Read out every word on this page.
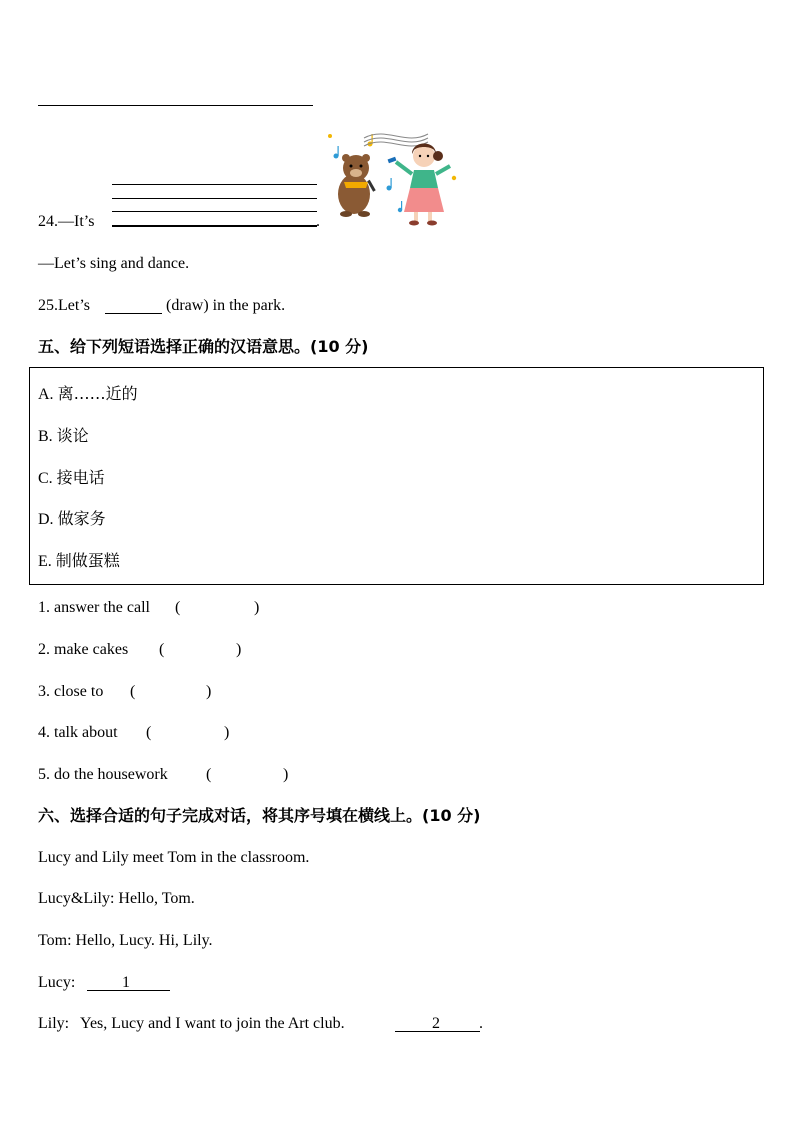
24.—It’s	.
—Let’s sing and dance.
25.Let’s	(draw) in the park.
五、给下列短语选择正确的汉语意思。(10 分)
A. 离……近的
B. 谈论
C. 接电话
D. 做家务
E. 制做蛋糕
1. answer the call (	)
2. make cakes (	)
3. close to (	)
4. talk about (	)
5. do the housework (	)
六、选择合适的句子完成对话，将其序号填在横线上。(10 分)
Lucy and Lily meet Tom in the classroom.
Lucy&Lily: Hello, Tom.
Tom: Hello, Lucy. Hi, Lily.
Lucy:	1
Lily: Yes, Lucy and I want to join the Art club.	2 .
